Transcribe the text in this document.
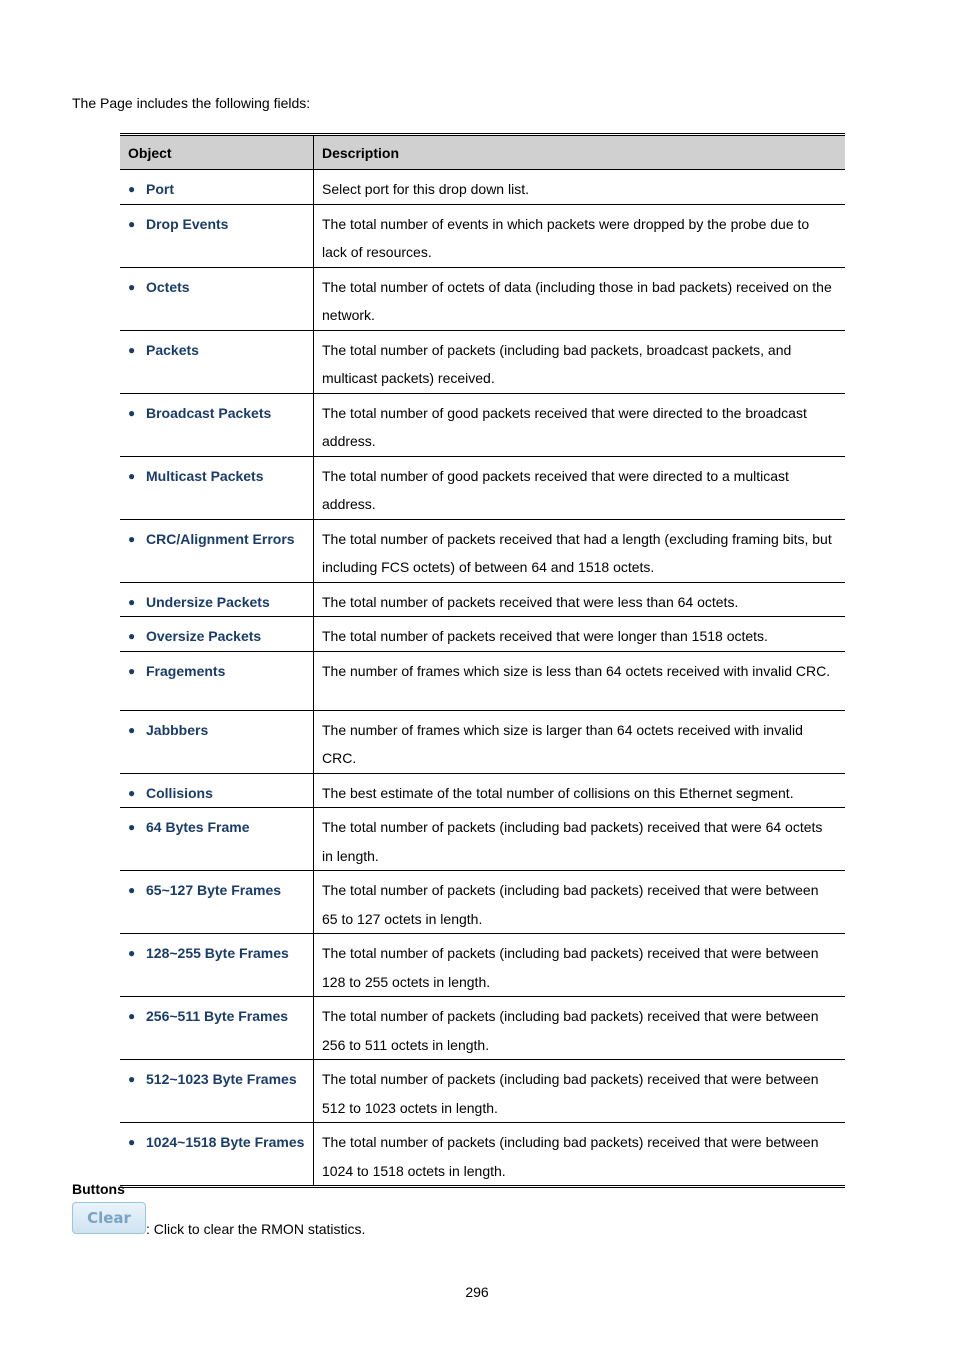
The Page includes the following fields:
Object	Description

● Port	Select port for this drop down list.

● Drop Events	The total number of events in which packets were dropped by the probe due to lack of resources.

● Octets	The total number of octets of data (including those in bad packets) received on the network.

● Packets	The total number of packets (including bad packets, broadcast packets, and multicast packets) received.

● Broadcast Packets	The total number of good packets received that were directed to the broadcast address.

● Multicast Packets	The total number of good packets received that were directed to a multicast address.

● CRC/Alignment Errors	The total number of packets received that had a length (excluding framing bits, but including FCS octets) of between 64 and 1518 octets.

● Undersize Packets	The total number of packets received that were less than 64 octets.

● Oversize Packets	The total number of packets received that were longer than 1518 octets.

● Fragements	The number of frames which size is less than 64 octets received with invalid CRC.

● Jabbbers	The number of frames which size is larger than 64 octets received with invalid CRC.

● Collisions	The best estimate of the total number of collisions on this Ethernet segment.

● 64 Bytes Frame	The total number of packets (including bad packets) received that were 64 octets in length.

● 65~127 Byte Frames	The total number of packets (including bad packets) received that were between 65 to 127 octets in length.

● 128~255 Byte Frames	The total number of packets (including bad packets) received that were between 128 to 255 octets in length.

● 256~511 Byte Frames	The total number of packets (including bad packets) received that were between 256 to 511 octets in length.

● 512~1023 Byte Frames	The total number of packets (including bad packets) received that were between 512 to 1023 octets in length.

● 1024~1518 Byte Frames	The total number of packets (including bad packets) received that were between 1024 to 1518 octets in length.
Buttons
Clear
: Click to clear the RMON statistics.
296
